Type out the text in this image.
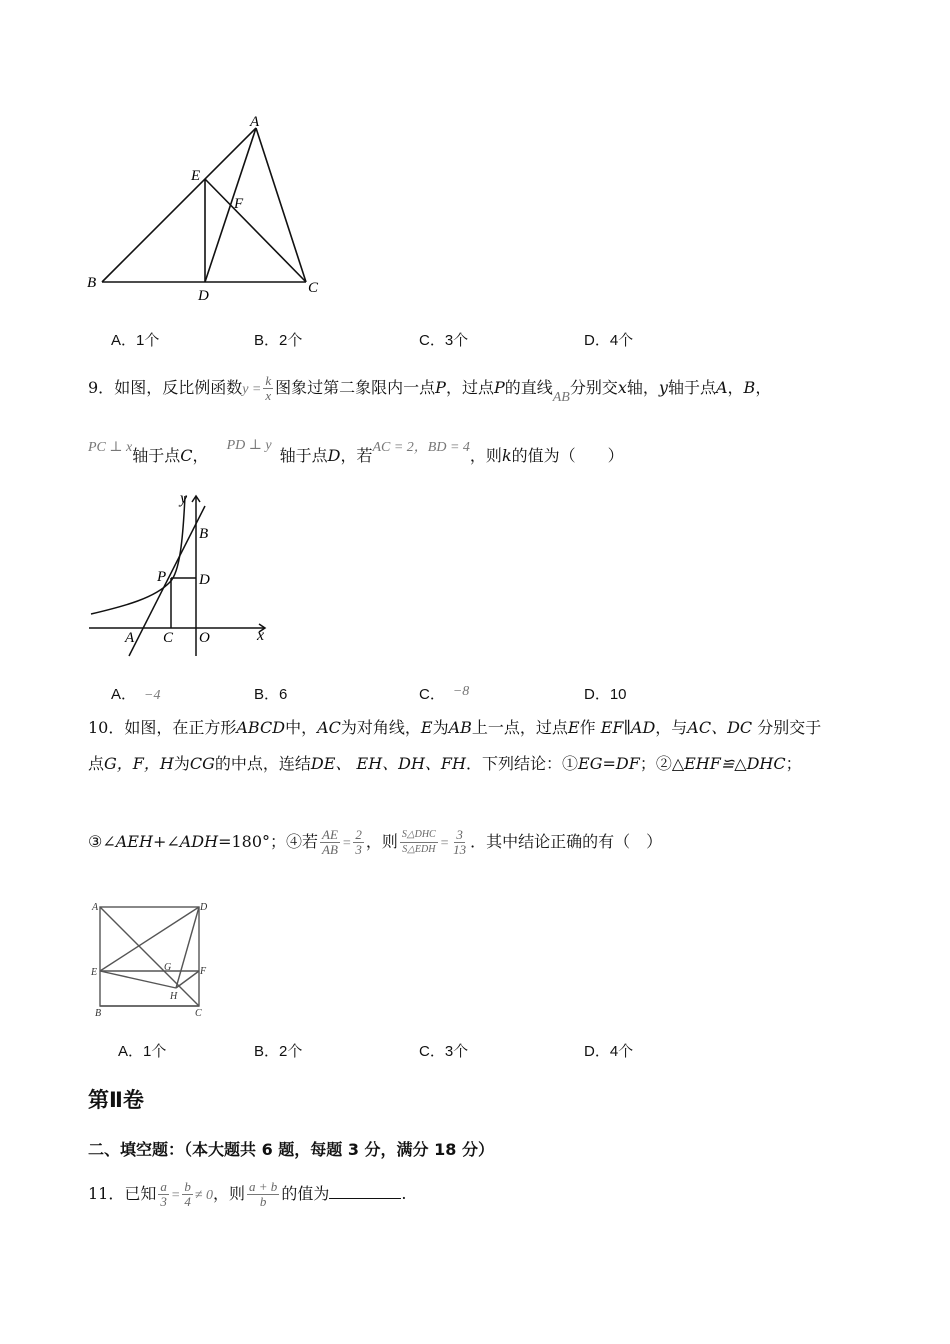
A
E
F
B
D	C
A．1个	B．2个	C．3个	D．4个
9．如图，反比例函数$y = \frac{k}{x}$ 图象过第二象限内一点P，过点P的直线AB分别交x轴，y轴于点A，B，
PC ⊥ x轴于点C，PD ⊥ y轴于点D，若AC = 2，BD = 4，则k的值为（　　）
y
B
P D
A C O	x
A． −4	B．6	C． −8	D．10
10．如图，在正方形ABCD中，AC为对角线，E为AB上一点，过点E作 EF∥AD，与AC、DC 分别交于
点G，F，H为CG的中点，连结DE、 EH、DH、FH．下列结论：①EG=DF；②△EHF≌△DHC；
③∠AEH+∠ADH=180°；④若 $\frac{AE}{AB} = \frac{2}{3}$ ，则 $\frac{\text{S△DHC}}{\text{S△EDH}} = \frac{3}{13}$ ．其中结论正确的有（　）
A	D
E	G	F
H
B	C
A．1个	B．2个	C．3个	D．4个
第Ⅱ卷
二、填空题：（本大题共 6 题，每题 3 分，满分 18 分）
11．已知 $\frac{a}{3} = \frac{b}{4} \ne 0$，则 $\frac{a + b}{b}$ 的值为	.
